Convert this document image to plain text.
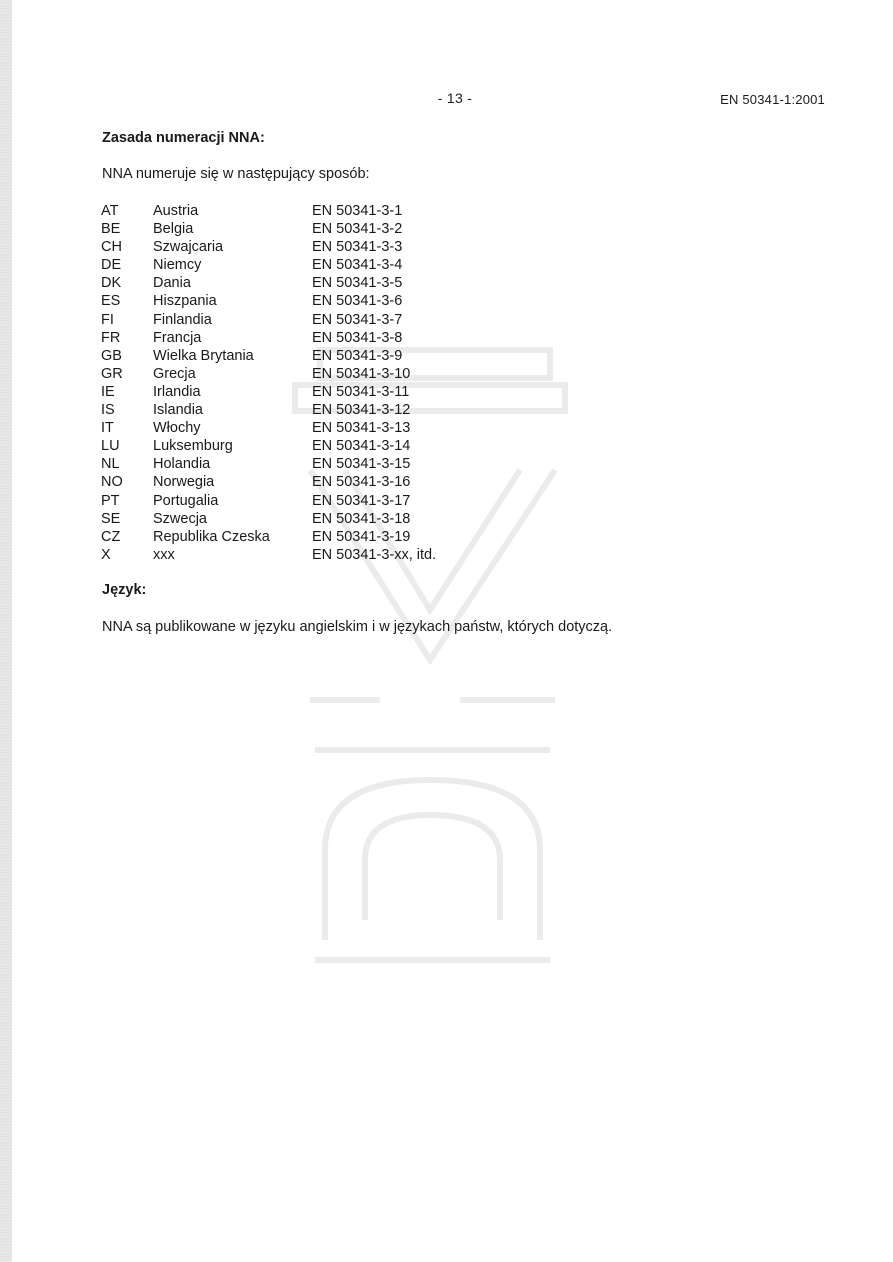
- 13 -	EN 50341-1:2001
Zasada numeracji NNA:
NNA numeruje się w następujący sposób:
AT	Austria	EN 50341-3-1
BE	Belgia	EN 50341-3-2
CH	Szwajcaria	EN 50341-3-3
DE	Niemcy	EN 50341-3-4
DK	Dania	EN 50341-3-5
ES	Hiszpania	EN 50341-3-6
FI	Finlandia	EN 50341-3-7
FR	Francja	EN 50341-3-8
GB	Wielka Brytania	EN 50341-3-9
GR	Grecja	EN 50341-3-10
IE	Irlandia	EN 50341-3-11
IS	Islandia	EN 50341-3-12
IT	Włochy	EN 50341-3-13
LU	Luksemburg	EN 50341-3-14
NL	Holandia	EN 50341-3-15
NO	Norwegia	EN 50341-3-16
PT	Portugalia	EN 50341-3-17
SE	Szwecja	EN 50341-3-18
CZ	Republika Czeska	EN 50341-3-19
X	xxx	EN 50341-3-xx, itd.
Język:
NNA są publikowane w języku angielskim i w językach państw, których dotyczą.
